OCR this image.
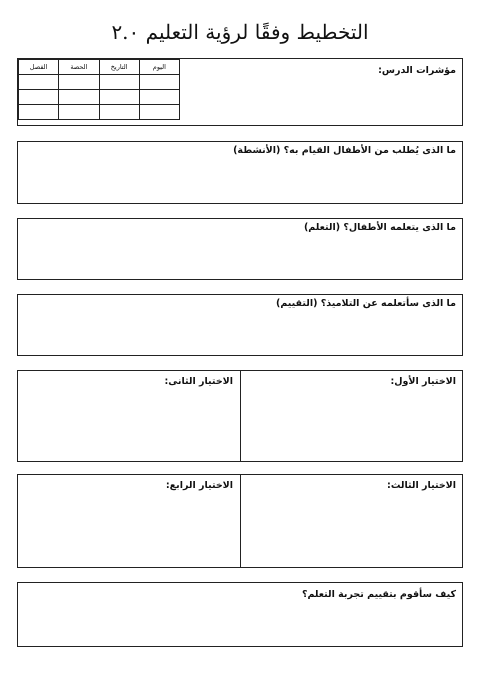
التخطيط وفقًا لرؤية التعليم ٢.٠
الفصل	الحصة	التاريخ	اليوم

				مؤشرات الدرس:
ما الذى يُطلب من الأطفال القيام به؟ (الأنشطة)
ما الذى يتعلمه الأطفال؟ (التعلم)
ما الذى سأتعلمه عن التلاميذ؟ (التقييم)
الاختيار الأول:
الاختيار الثانى:
الاختيار الثالث:
الاختيار الرابع:
كيف سأقوم بتقييم تجربة التعلم؟
